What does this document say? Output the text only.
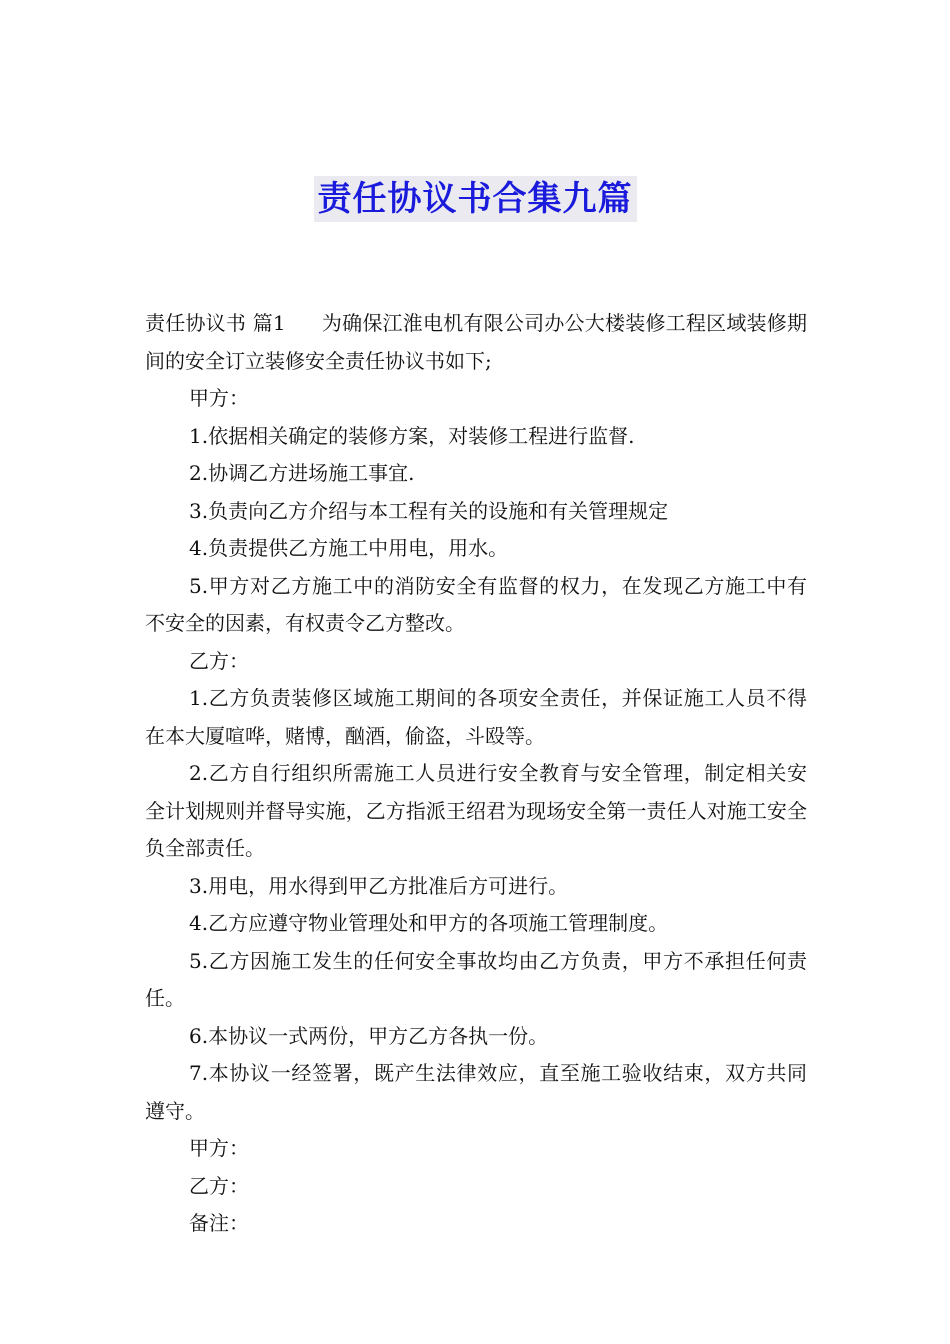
责任协议书合集九篇

责任协议书 篇1 为确保江淮电机有限公司办公大楼装修工程区域装修期间的安全订立装修安全责任协议书如下;

甲方：

1.依据相关确定的装修方案，对装修工程进行监督.

2.协调乙方进场施工事宜.

3.负责向乙方介绍与本工程有关的设施和有关管理规定

4.负责提供乙方施工中用电，用水。

5.甲方对乙方施工中的消防安全有监督的权力，在发现乙方施工中有不安全的因素，有权责令乙方整改。

乙方：

1.乙方负责装修区域施工期间的各项安全责任，并保证施工人员不得在本大厦喧哗，赌博，酗酒，偷盗，斗殴等。

2.乙方自行组织所需施工人员进行安全教育与安全管理，制定相关安全计划规则并督导实施，乙方指派王绍君为现场安全第一责任人对施工安全负全部责任。

3.用电，用水得到甲乙方批准后方可进行。

4.乙方应遵守物业管理处和甲方的各项施工管理制度。

5.乙方因施工发生的任何安全事故均由乙方负责，甲方不承担任何责任。

6.本协议一式两份，甲方乙方各执一份。

7.本协议一经签署，既产生法律效应，直至施工验收结束，双方共同遵守。

甲方：

乙方：

备注：
